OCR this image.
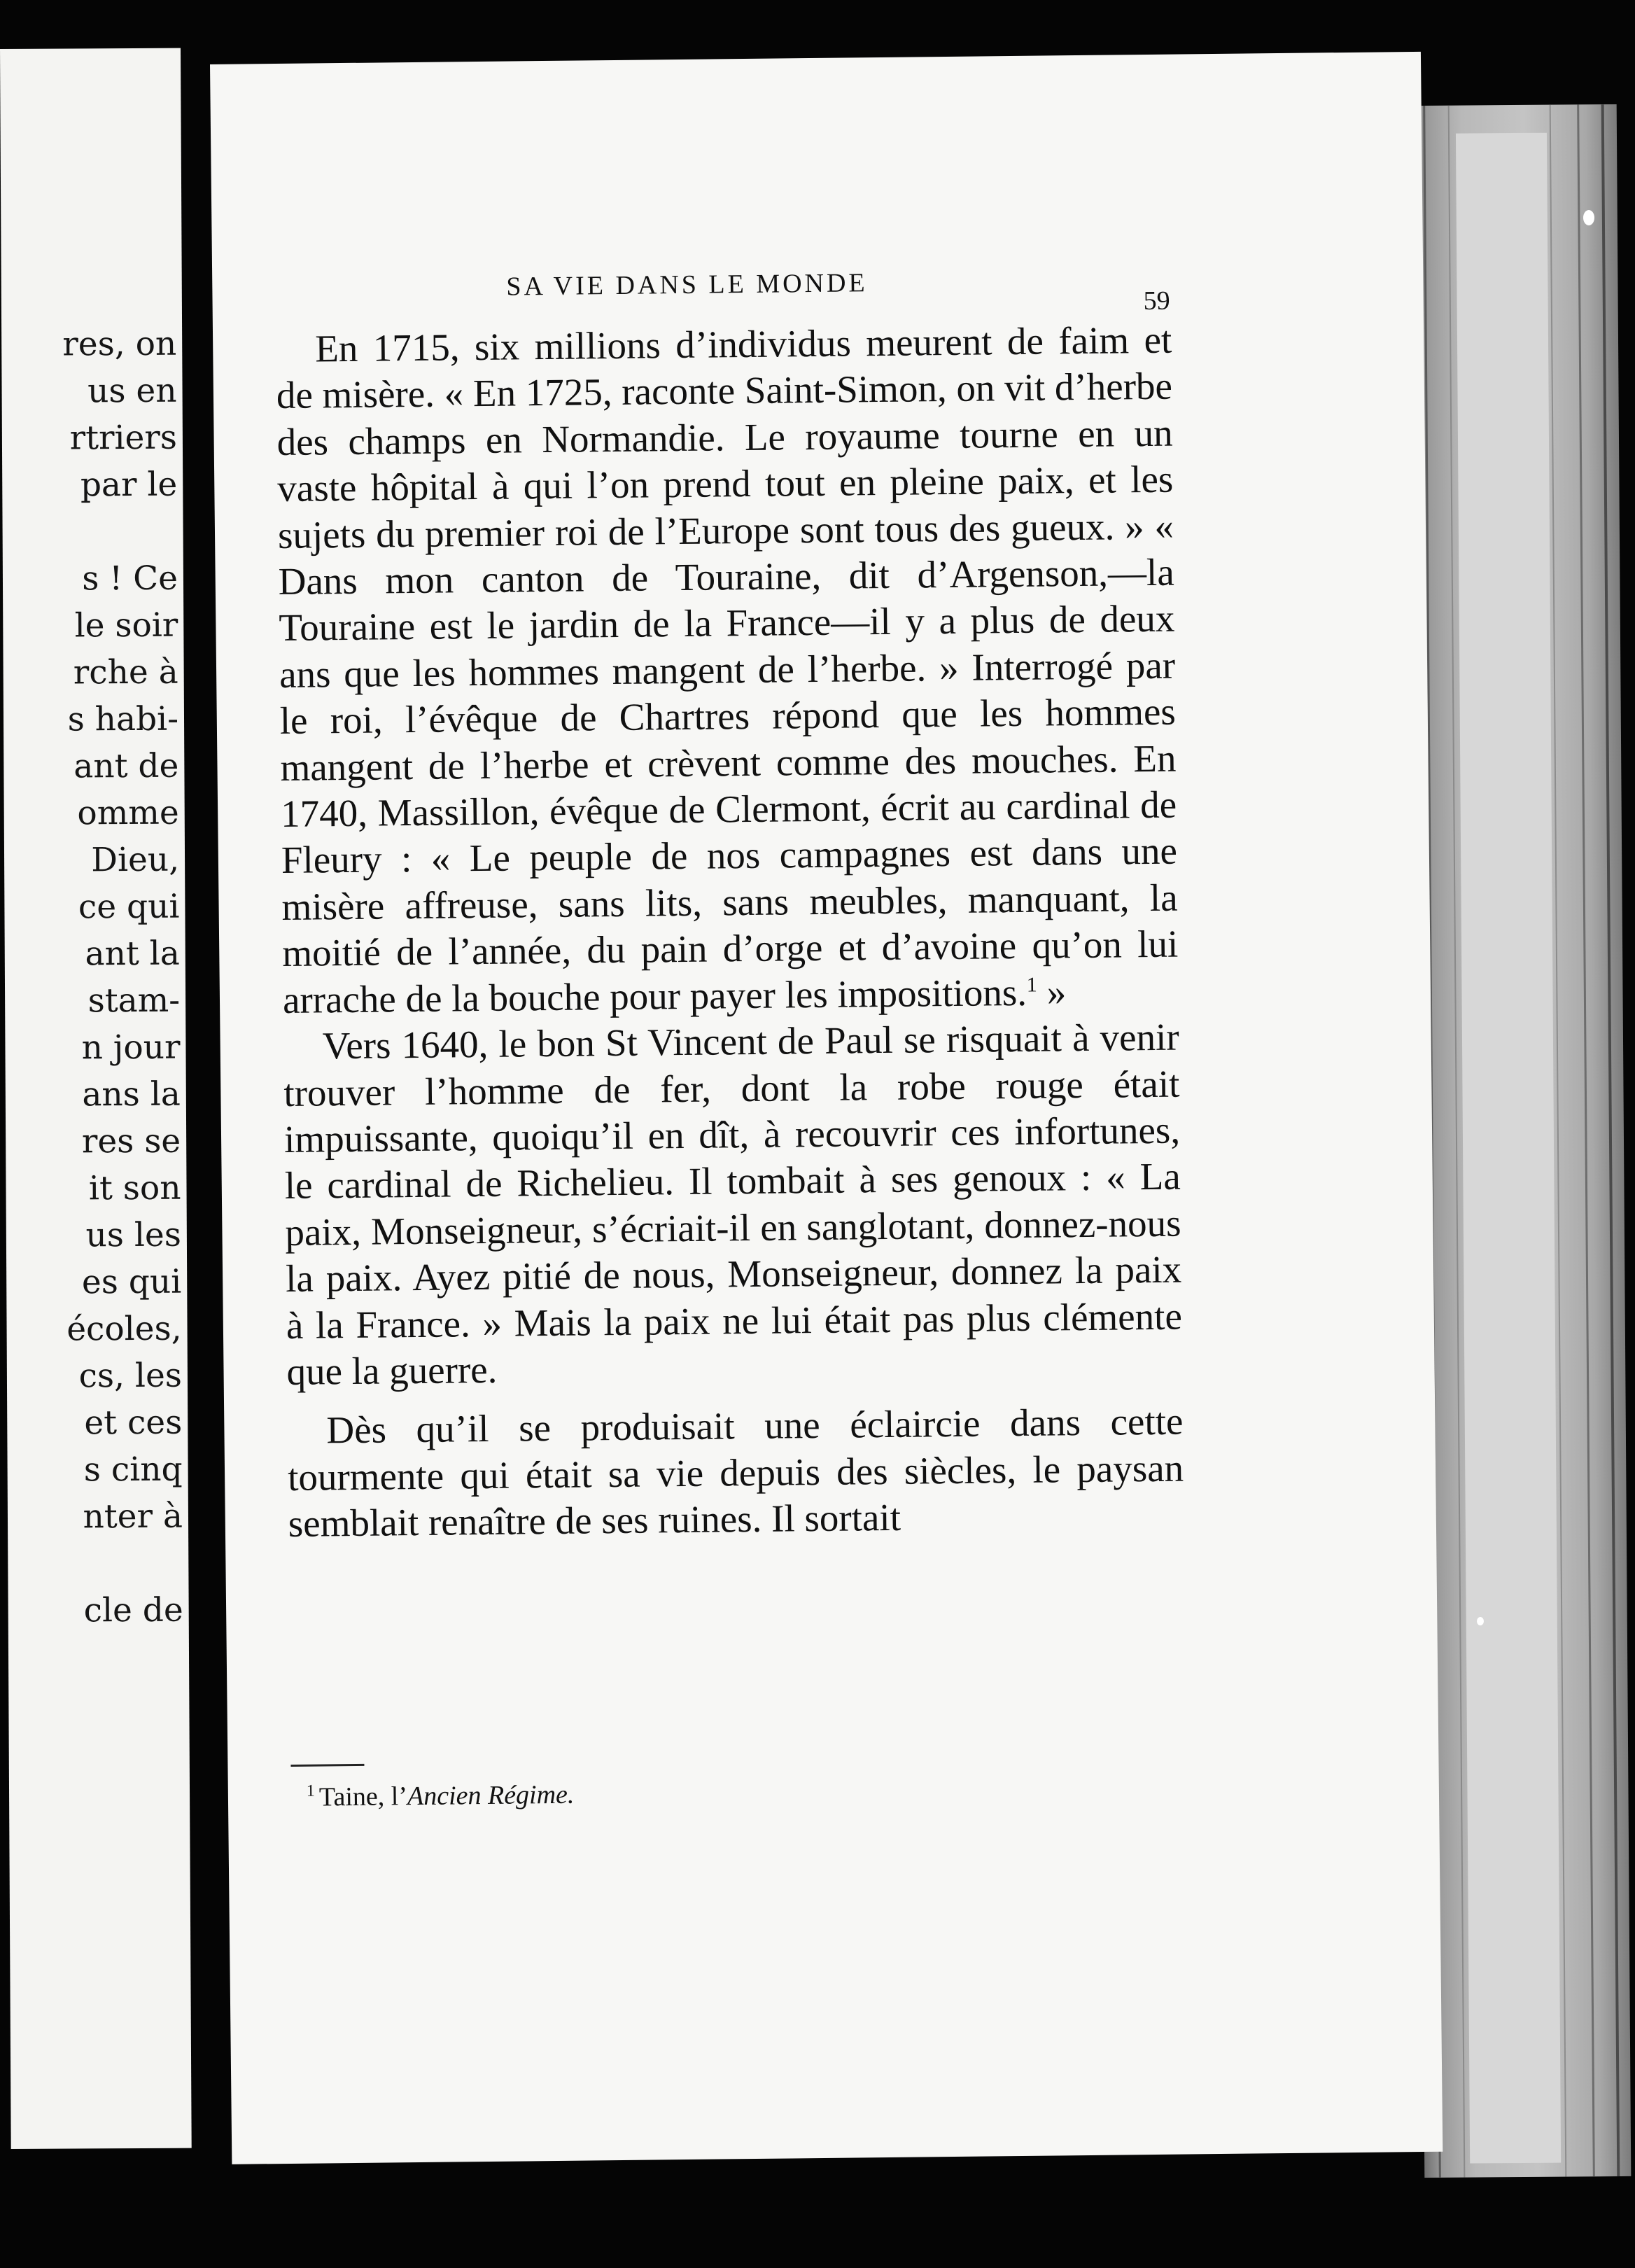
res, on
us en
rtriers
par le
s ! Ce
le soir
rche à
s habi-
ant de
omme
Dieu,
ce qui
ant la
stam-
n jour
ans la
res se
it son
us les
es qui
écoles,
cs, les
et ces
s cinq
nter à
cle de
SA VIE DANS LE MONDE	59

En 1715, six millions d’individus meurent de faim et de misère. « En 1725, raconte Saint-Simon, on vit d’herbe des champs en Normandie. Le royaume tourne en un vaste hôpital à qui l’on prend tout en pleine paix, et les sujets du premier roi de l’Europe sont tous des gueux. » « Dans mon canton de Touraine, dit d’Argenson,—la Touraine est le jardin de la France—il y a plus de deux ans que les hommes mangent de l’herbe. » Interrogé par le roi, l’évêque de Chartres répond que les hommes mangent de l’herbe et crèvent comme des mouches. En 1740, Massillon, évêque de Clermont, écrit au cardinal de Fleury : « Le peuple de nos campagnes est dans une misère affreuse, sans lits, sans meubles, manquant, la moitié de l’année, du pain d’orge et d’avoine qu’on lui arrache de la bouche pour payer les impositions.$^1$ »

Vers 1640, le bon St Vincent de Paul se risquait à venir trouver l’homme de fer, dont la robe rouge était impuissante, quoiqu’il en dît, à recouvrir ces infortunes, le cardinal de Richelieu. Il tombait à ses genoux : « La paix, Monseigneur, s’écriait-il en sanglotant, donnez-nous la paix. Ayez pitié de nous, Monseigneur, donnez la paix à la France. » Mais la paix ne lui était pas plus clémente que la guerre.

Dès qu’il se produisait une éclaircie dans cette tourmente qui était sa vie depuis des siècles, le paysan semblait renaître de ses ruines. Il sortait

$^1$ Taine, l’Ancien Régime.
